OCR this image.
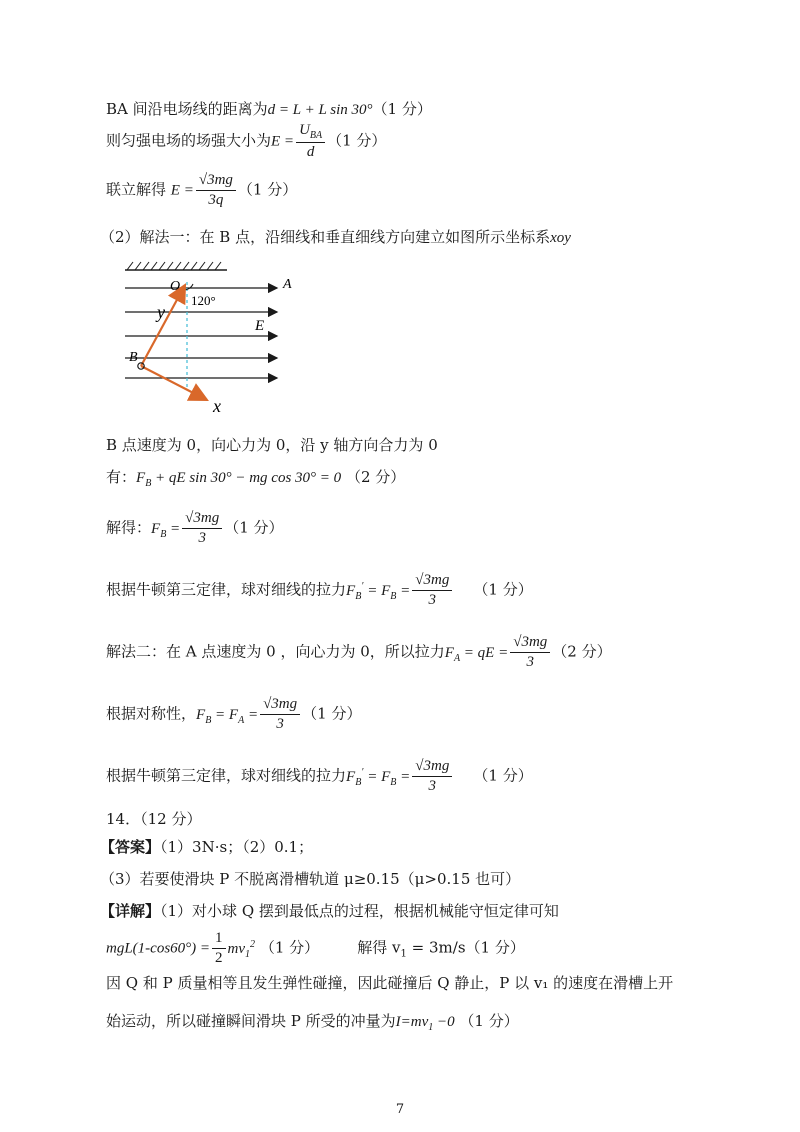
BA 间沿电场线的距离为d = L + L sin 30°（1 分）
则匀强电场的场强大小为$E = \frac{U_{BA}}{d} (1$ 分）
联立解得 $E = \frac{√3mg}{3q} (1$ 分）
（2）解法一：在 B 点，沿细线和垂直细线方向建立如图所示坐标系xoy
O	A
120°
y
E
B
x
B 点速度为 0，向心力为 0，沿 y 轴方向合力为 0
有：$F_B$ + qE sin 30° − mg cos 30° = 0 （2 分）
解得：$F_B = \frac{√3mg}{3} (1$ 分）
根据牛顿第三定律，球对细线的拉力$F_B' = F_B = \frac{√3mg}{3} (1$ 分）
解法二：在 A 点速度为 0 ，向心力为 0，所以拉力$F_A$ = qE = $\frac{√3mg}{3} (2$ 分）
根据对称性，$F_B = F_A = \frac{√3mg}{3} (1$ 分）
根据牛顿第三定律，球对细线的拉力$F_B' = F_B = \frac{√3mg}{3} (1$ 分）
14．（12 分）
【答案】（1）3N·s；（2）0.1；
（3）若要使滑块 P 不脱离滑槽轨道 μ≥0.15（μ>0.15 也可）
【详解】（1）对小球 Q 摆到最低点的过程，根据机械能守恒定律可知
$mgL(1-\cos 60^\circ) = \frac{1}{2} mv_1^2$ （1 分）	解得 $v_1 = 3m/s(1$ 分）
因 Q 和 P 质量相等且发生弹性碰撞，因此碰撞后 Q 静止，P 以 v₁ 的速度在滑槽上开
始运动，所以碰撞瞬间滑块 P 所受的冲量为$I=mv_1 -0$ （1 分）
7
